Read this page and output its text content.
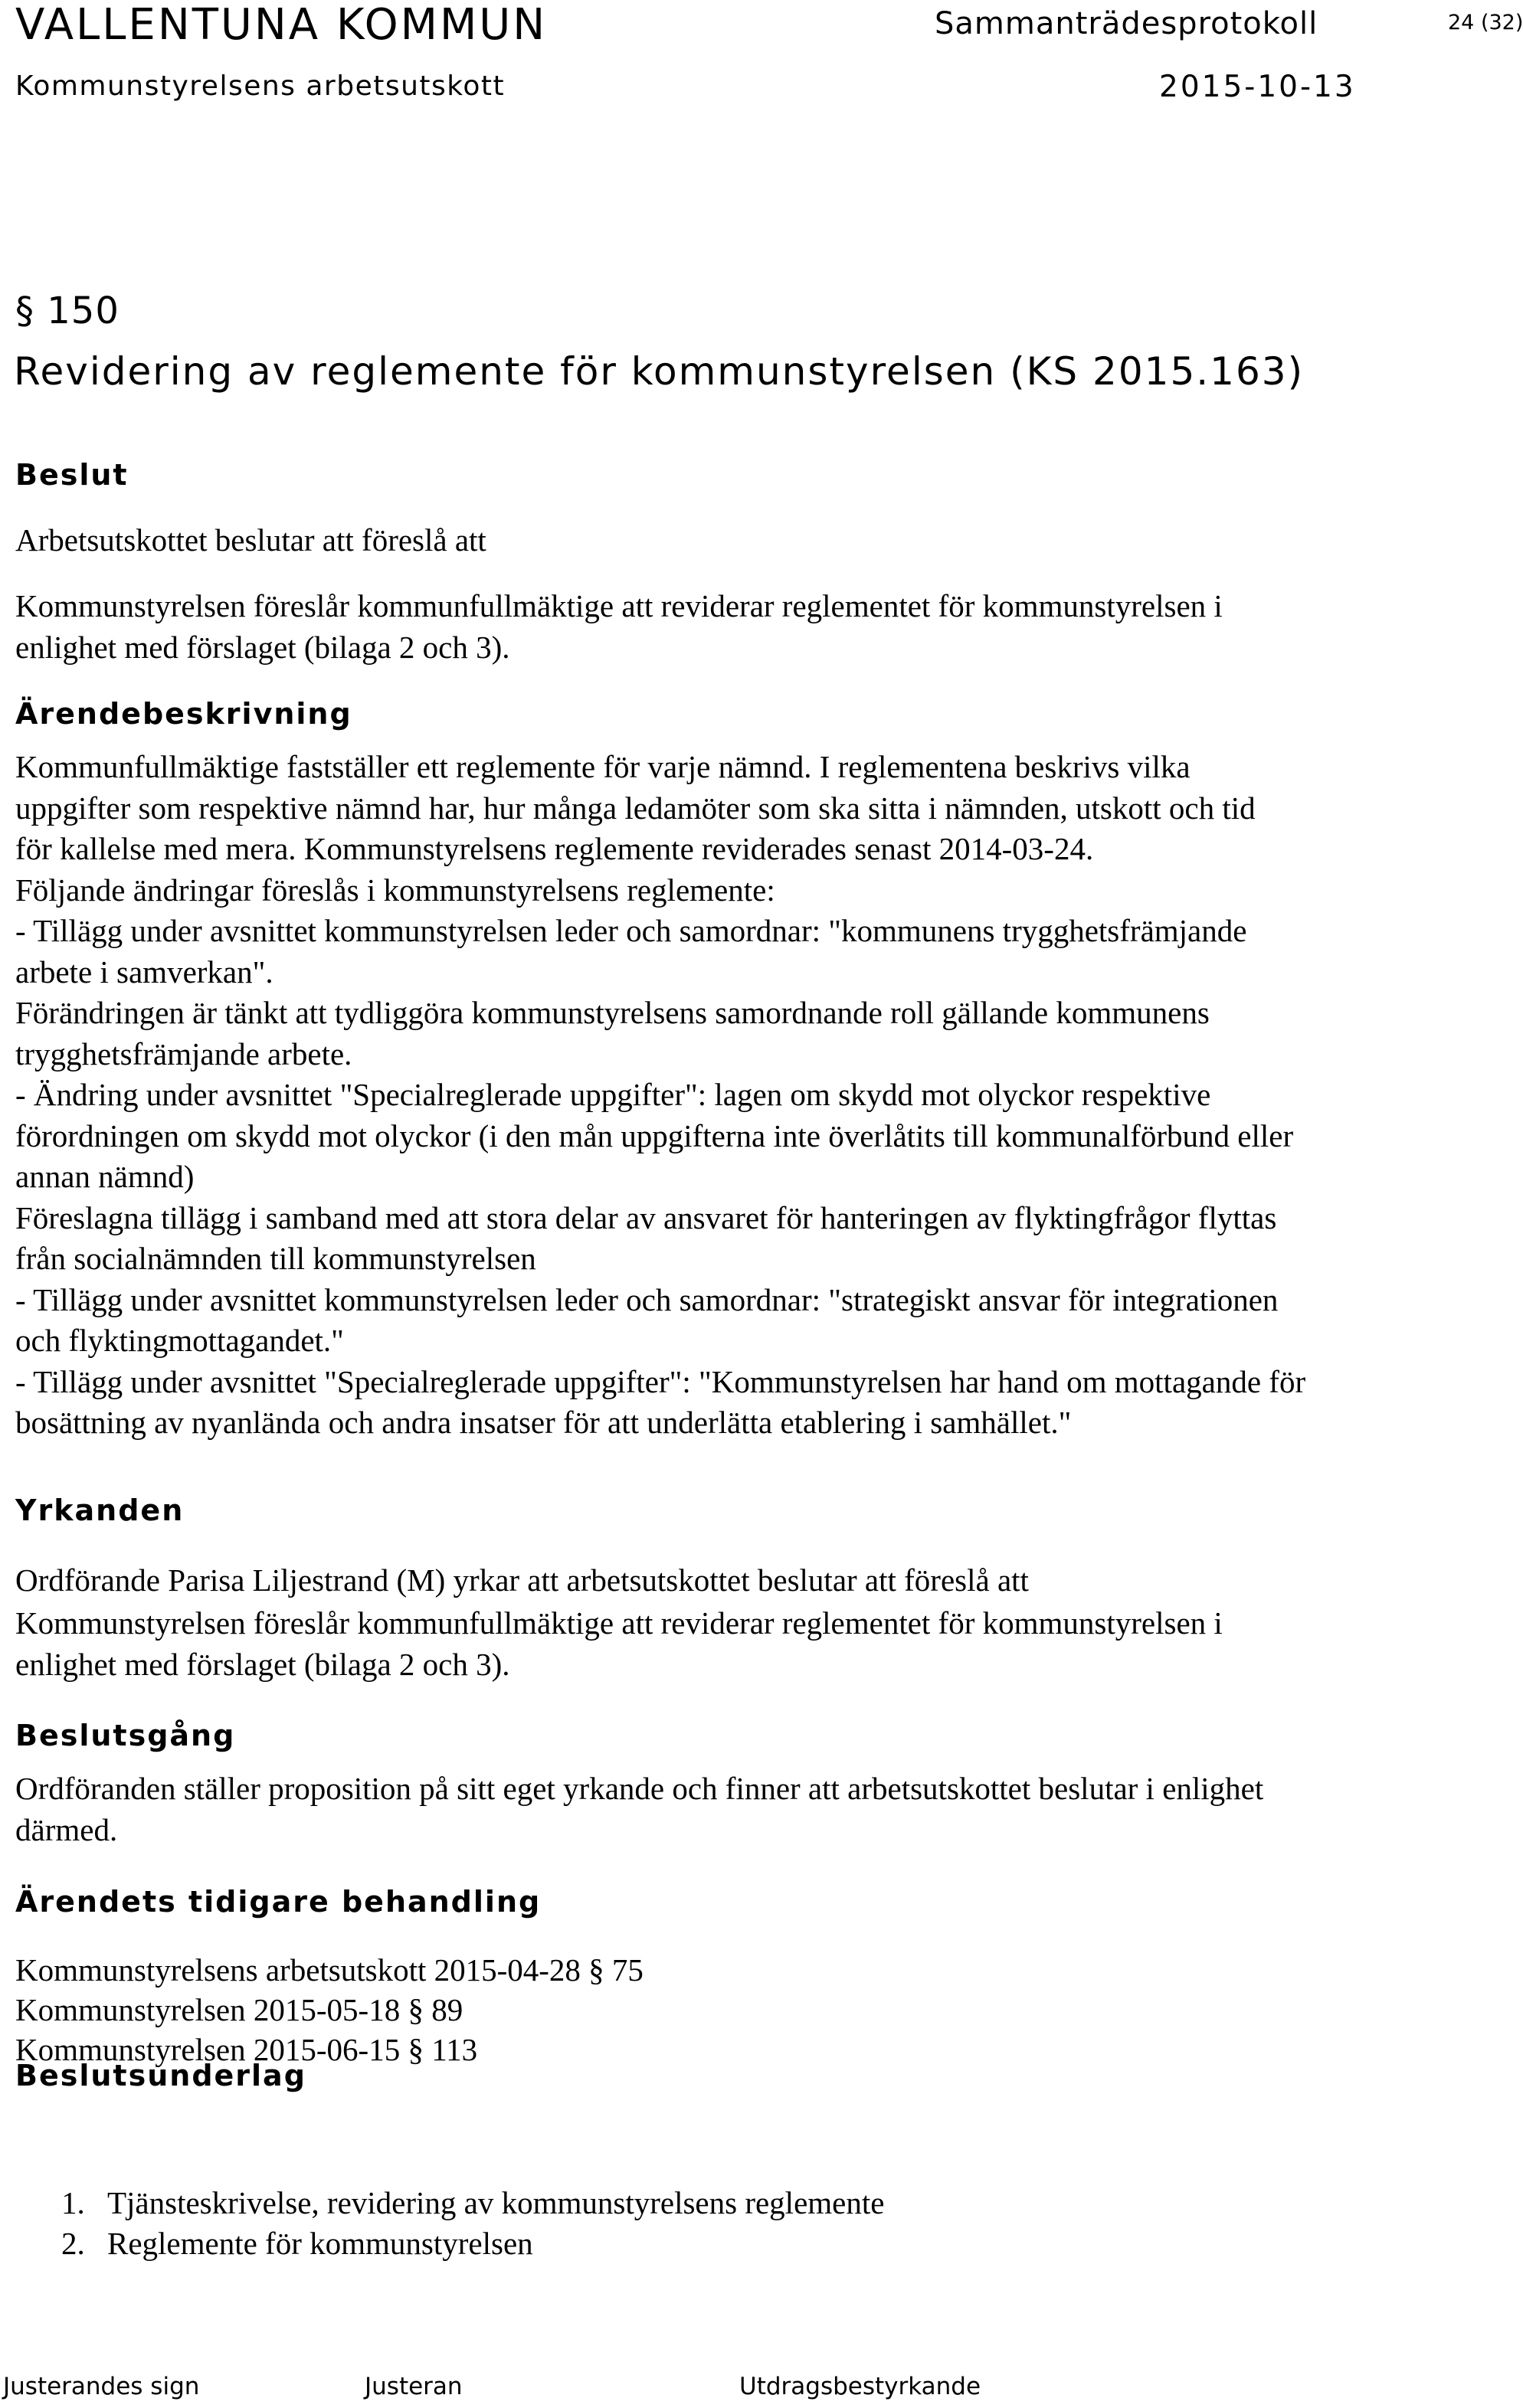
VALLENTUNA KOMMUN	Sammanträdesprotokoll	24 (32)
Kommunstyrelsens arbetsutskott	2015-10-13
§ 150
Revidering av reglemente för kommunstyrelsen (KS 2015.163)
Beslut

Arbetsutskottet beslutar att föreslå att

Kommunstyrelsen föreslår kommunfullmäktige att reviderar reglementet för kommunstyrelsen i
enlighet med förslaget (bilaga 2 och 3).

Ärendebeskrivning

Kommunfullmäktige fastställer ett reglemente för varje nämnd. I reglementena beskrivs vilka
uppgifter som respektive nämnd har, hur många ledamöter som ska sitta i nämnden, utskott och tid
för kallelse med mera. Kommunstyrelsens reglemente reviderades senast 2014-03-24.
Följande ändringar föreslås i kommunstyrelsens reglemente:
- Tillägg under avsnittet kommunstyrelsen leder och samordnar: "kommunens trygghetsfrämjande
arbete i samverkan".
Förändringen är tänkt att tydliggöra kommunstyrelsens samordnande roll gällande kommunens
trygghetsfrämjande arbete.
- Ändring under avsnittet "Specialreglerade uppgifter": lagen om skydd mot olyckor respektive
förordningen om skydd mot olyckor (i den mån uppgifterna inte överlåtits till kommunalförbund eller
annan nämnd)
Föreslagna tillägg i samband med att stora delar av ansvaret för hanteringen av flyktingfrågor flyttas
från socialnämnden till kommunstyrelsen
- Tillägg under avsnittet kommunstyrelsen leder och samordnar: "strategiskt ansvar för integrationen
och flyktingmottagandet."
- Tillägg under avsnittet "Specialreglerade uppgifter": "Kommunstyrelsen har hand om mottagande för
bosättning av nyanlända och andra insatser för att underlätta etablering i samhället."

Yrkanden

Ordförande Parisa Liljestrand (M) yrkar att arbetsutskottet beslutar att föreslå att

Kommunstyrelsen föreslår kommunfullmäktige att reviderar reglementet för kommunstyrelsen i
enlighet med förslaget (bilaga 2 och 3).

Beslutsgång

Ordföranden ställer proposition på sitt eget yrkande och finner att arbetsutskottet beslutar i enlighet
därmed.

Ärendets tidigare behandling

Kommunstyrelsens arbetsutskott 2015-04-28 § 75
Kommunstyrelsen 2015-05-18 § 89
Kommunstyrelsen 2015-06-15 § 113

Beslutsunderlag
1. Tjänsteskrivelse, revidering av kommunstyrelsens reglemente
2. Reglemente för kommunstyrelsen
Justerandes sign	Justeran	Utdragsbestyrkande
